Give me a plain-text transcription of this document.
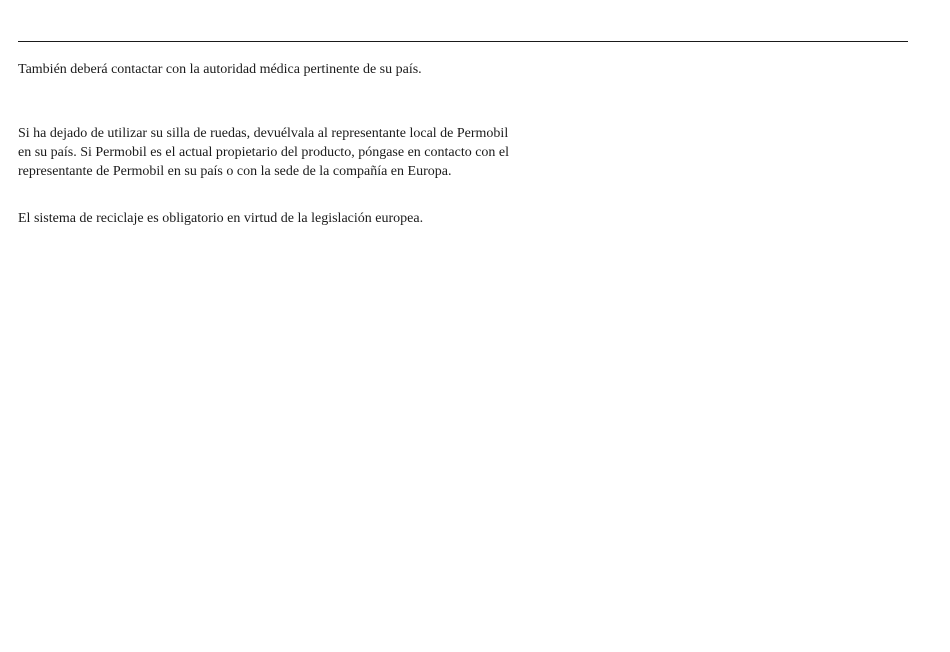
También deberá contactar con la autoridad médica pertinente de su país.

Si ha dejado de utilizar su silla de ruedas, devuélvala al representante local de Permobil en su país. Si Permobil es el actual propietario del producto, póngase en contacto con el representante de Permobil en su país o con la sede de la compañía en Europa.

El sistema de reciclaje es obligatorio en virtud de la legislación europea.
